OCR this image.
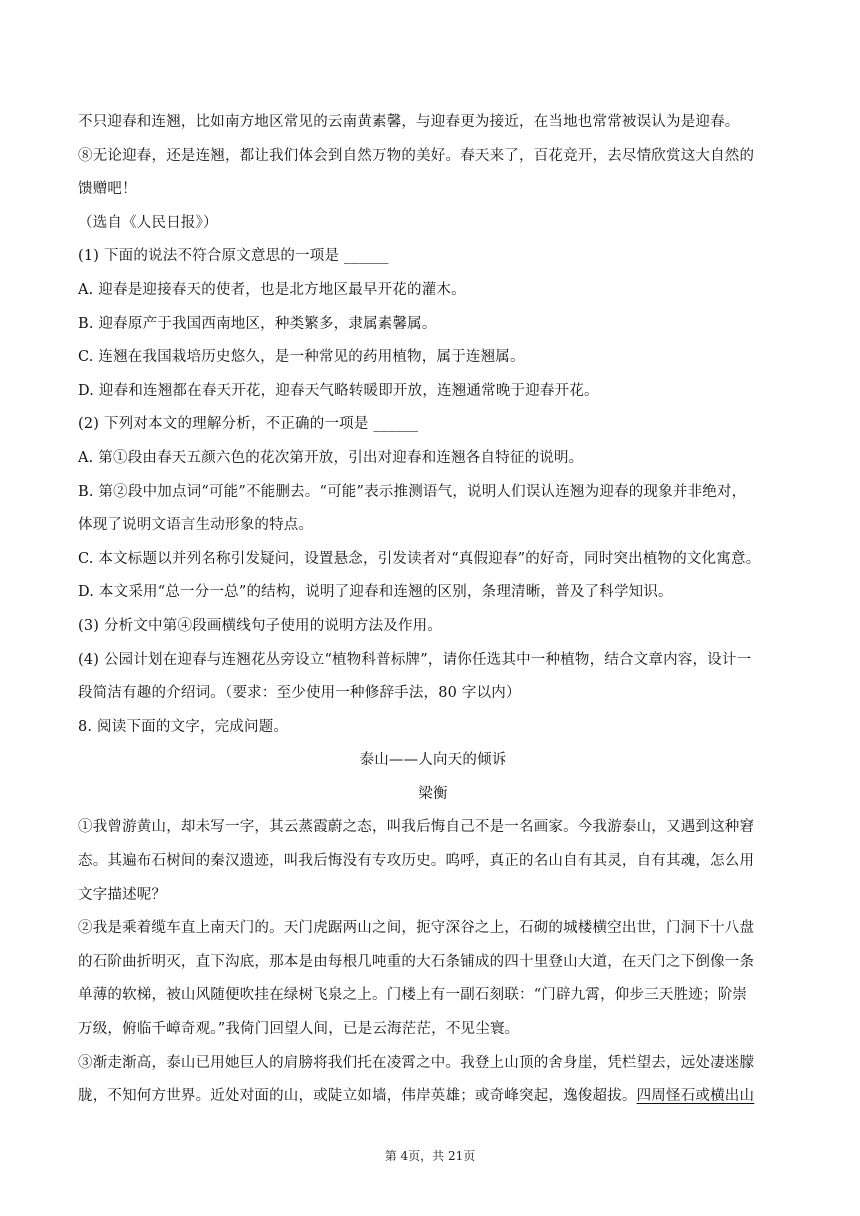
不只迎春和连翘，比如南方地区常见的云南黄素馨，与迎春更为接近，在当地也常常被误认为是迎春。
⑧无论迎春，还是连翘，都让我们体会到自然万物的美好。春天来了，百花竞开，去尽情欣赏这大自然的
馈赠吧！
（选自《人民日报》）
(1) 下面的说法不符合原文意思的一项是 ______
A. 迎春是迎接春天的使者，也是北方地区最早开花的灌木。
B. 迎春原产于我国西南地区，种类繁多，隶属素馨属。
C. 连翘在我国栽培历史悠久，是一种常见的药用植物，属于连翘属。
D. 迎春和连翘都在春天开花，迎春天气略转暖即开放，连翘通常晚于迎春开花。
(2) 下列对本文的理解分析，不正确的一项是 ______
A. 第①段由春天五颜六色的花次第开放，引出对迎春和连翘各自特征的说明。
B. 第②段中加点词“可能”不能删去。“可能”表示推测语气，说明人们误认连翘为迎春的现象并非绝对，
体现了说明文语言生动形象的特点。
C. 本文标题以并列名称引发疑问，设置悬念，引发读者对“真假迎春”的好奇，同时突出植物的文化寓意。
D. 本文采用“总一分一总”的结构，说明了迎春和连翘的区别，条理清晰，普及了科学知识。
(3) 分析文中第④段画横线句子使用的说明方法及作用。
(4) 公园计划在迎春与连翘花丛旁设立“植物科普标牌”，请你任选其中一种植物，结合文章内容，设计一
段简洁有趣的介绍词。（要求：至少使用一种修辞手法，80 字以内）
8. 阅读下面的文字，完成问题。
泰山——人向天的倾诉
梁衡
①我曾游黄山，却未写一字，其云蒸霞蔚之态，叫我后悔自己不是一名画家。今我游泰山，又遇到这种窘
态。其遍布石树间的秦汉遗迹，叫我后悔没有专攻历史。呜呼，真正的名山自有其灵，自有其魂，怎么用
文字描述呢？
②我是乘着缆车直上南天门的。天门虎踞两山之间，扼守深谷之上，石砌的城楼横空出世，门洞下十八盘
的石阶曲折明灭，直下沟底，那本是由每根几吨重的大石条铺成的四十里登山大道，在天门之下倒像一条
单薄的软梯，被山风随便吹挂在绿树飞泉之上。门楼上有一副石刻联：“门辟九霄，仰步三天胜迹；阶崇
万级，俯临千嶂奇观。”我倚门回望人间，已是云海茫茫，不见尘寰。
③渐走渐高，泰山已用她巨人的肩膀将我们托在凌霄之中。我登上山顶的舍身崖，凭栏望去，远处凄迷朦
胧，不知何方世界。近处对面的山，或陡立如墙，伟岸英雄；或奇峰突起，逸俊超拔。四周怪石或横出山
第 4页，共 21页
